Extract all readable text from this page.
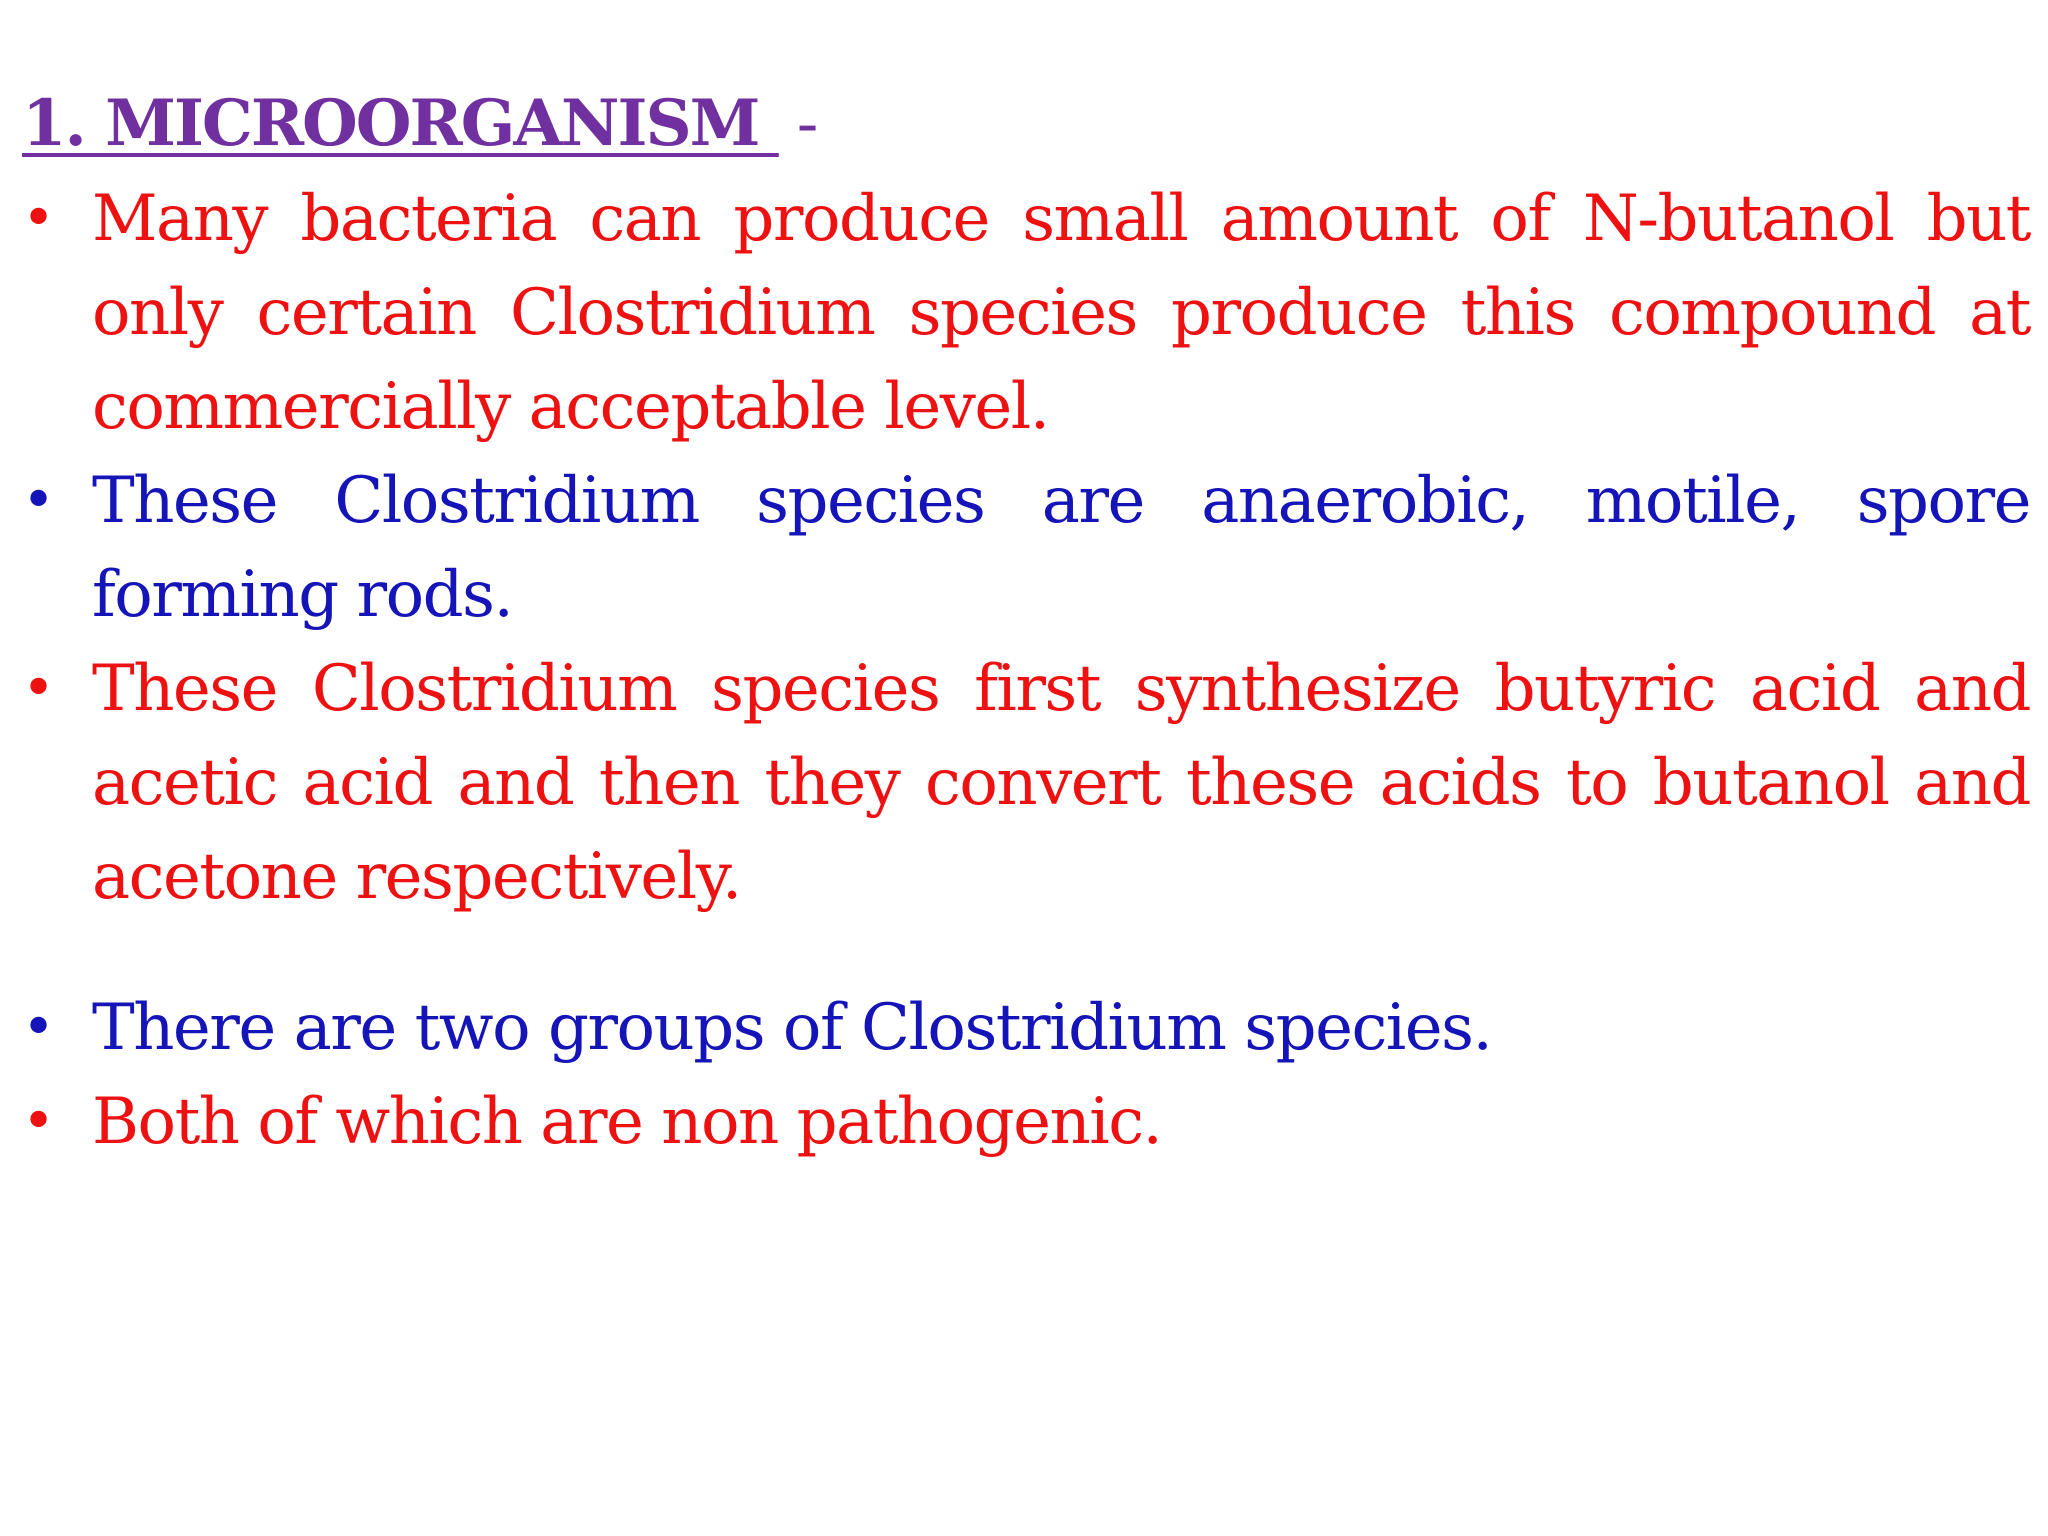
1. MICROORGANISM -
• Many bacteria can produce small amount of N-butanol but only certain Clostridium species produce this compound at commercially acceptable level.
• These Clostridium species are anaerobic, motile, spore forming rods.
• These Clostridium species first synthesize butyric acid and acetic acid and then they convert these acids to butanol and acetone respectively.
• There are two groups of Clostridium species.
• Both of which are non pathogenic.
